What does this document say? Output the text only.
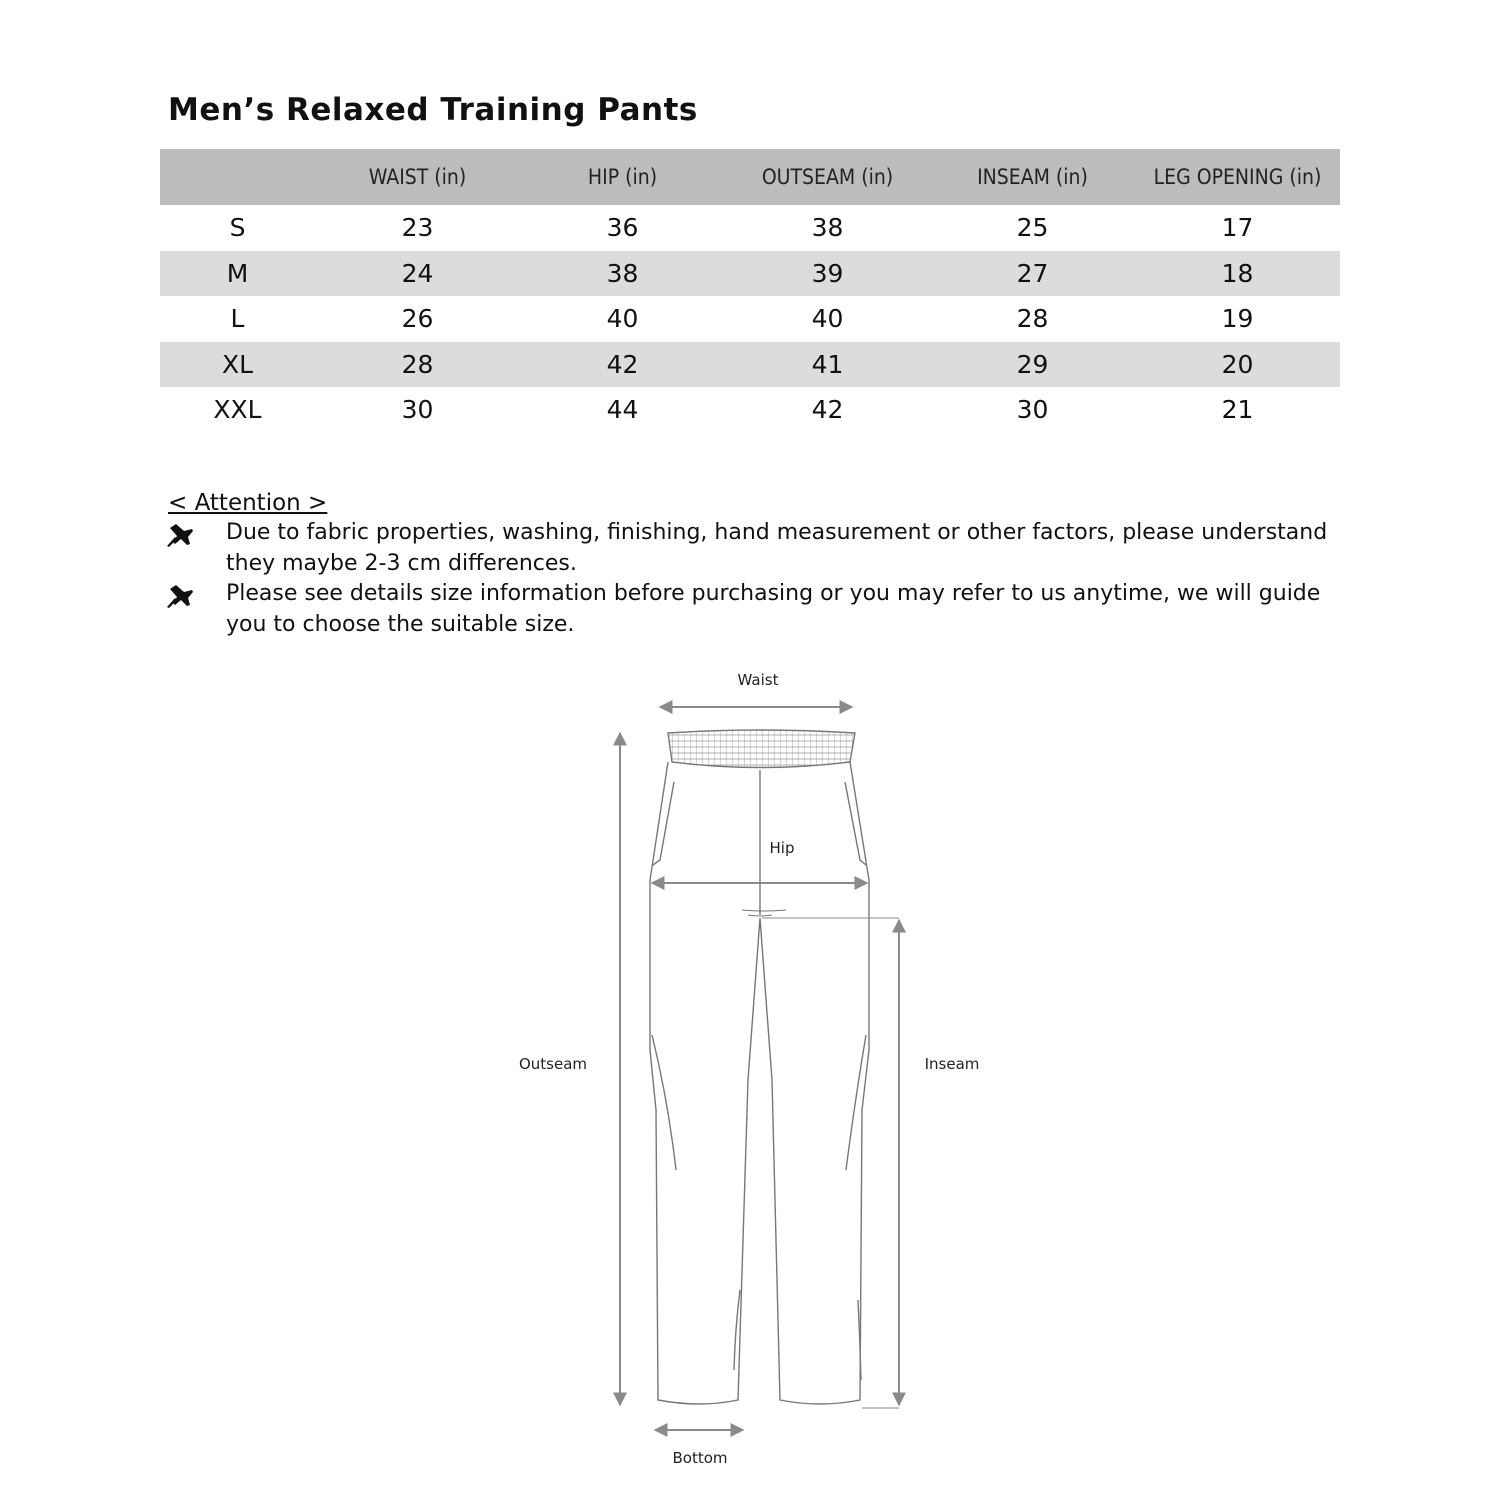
Men’s Relaxed Training Pants
	WAIST (in)	HIP (in)	OUTSEAM (in)	INSEAM (in)	LEG OPENING (in)
S	23	36	38	25	17
M	24	38	39	27	18
L	26	40	40	28	19
XL	28	42	41	29	20
XXL	30	44	42	30	21

< Attention >

Due to fabric properties, washing, finishing, hand measurement or other factors, please understand they maybe 2-3 cm differences.

Please see details size information before purchasing or you may refer to us anytime, we will guide you to choose the suitable size.

Waist
Hip
Outseam	Inseam
Bottom
